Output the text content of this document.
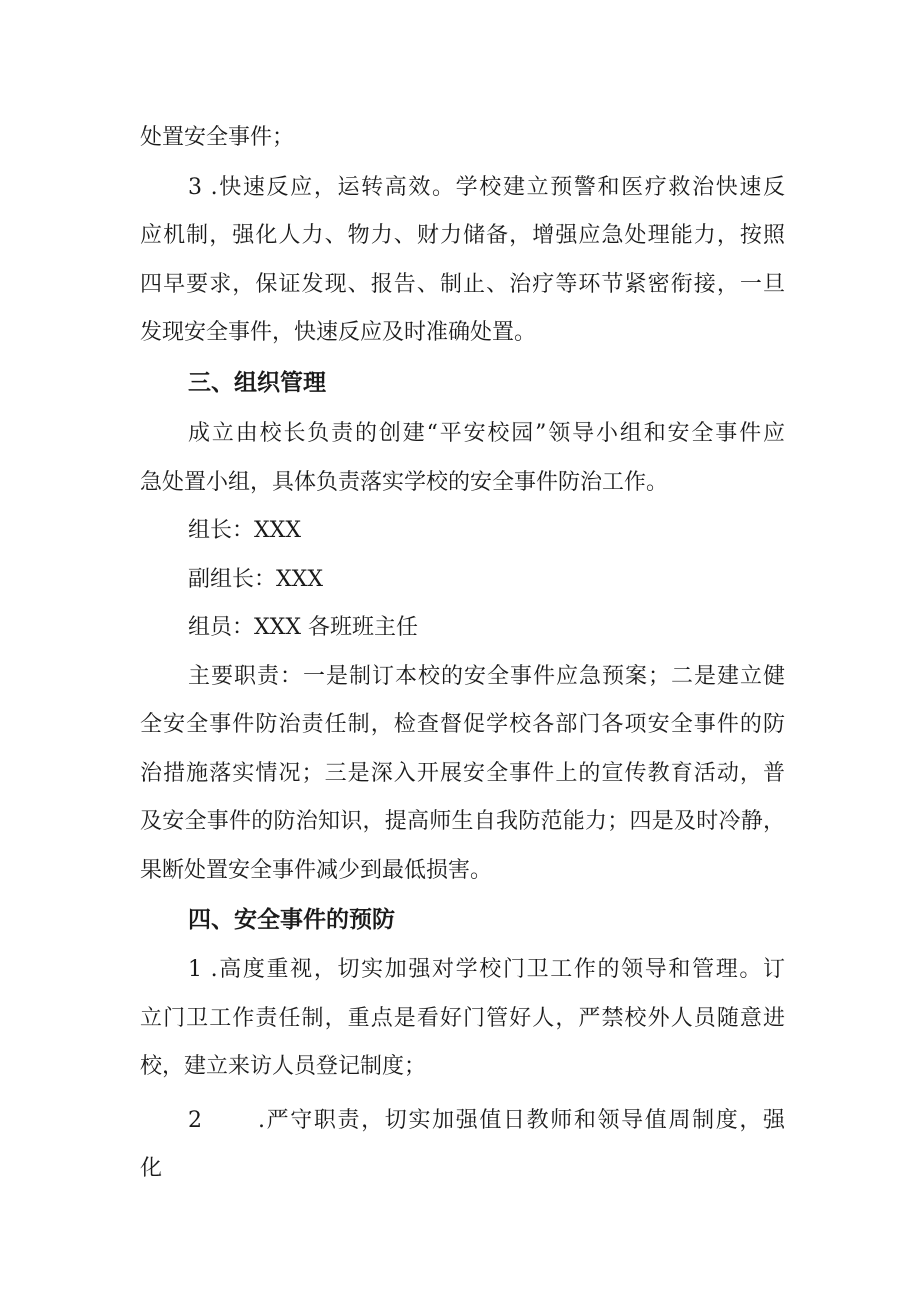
处置安全事件；
3 .快速反应，运转高效。学校建立预警和医疗救治快速反
应机制，强化人力、物力、财力储备，增强应急处理能力，按照
四早要求，保证发现、报告、制止、治疗等环节紧密衔接，一旦
发现安全事件，快速反应及时准确处置。
三、组织管理
成立由校长负责的创建“平安校园”领导小组和安全事件应
急处置小组，具体负责落实学校的安全事件防治工作。
组长：XXX
副组长：XXX
组员：XXX 各班班主任
主要职责：一是制订本校的安全事件应急预案；二是建立健
全安全事件防治责任制，检查督促学校各部门各项安全事件的防
治措施落实情况；三是深入开展安全事件上的宣传教育活动，普
及安全事件的防治知识，提高师生自我防范能力；四是及时冷静，
果断处置安全事件减少到最低损害。
四、安全事件的预防
1 .高度重视，切实加强对学校门卫工作的领导和管理。订
立门卫工作责任制，重点是看好门管好人，严禁校外人员随意进
校，建立来访人员登记制度；
2	.严守职责，切实加强值日教师和领导值周制度，强
化
